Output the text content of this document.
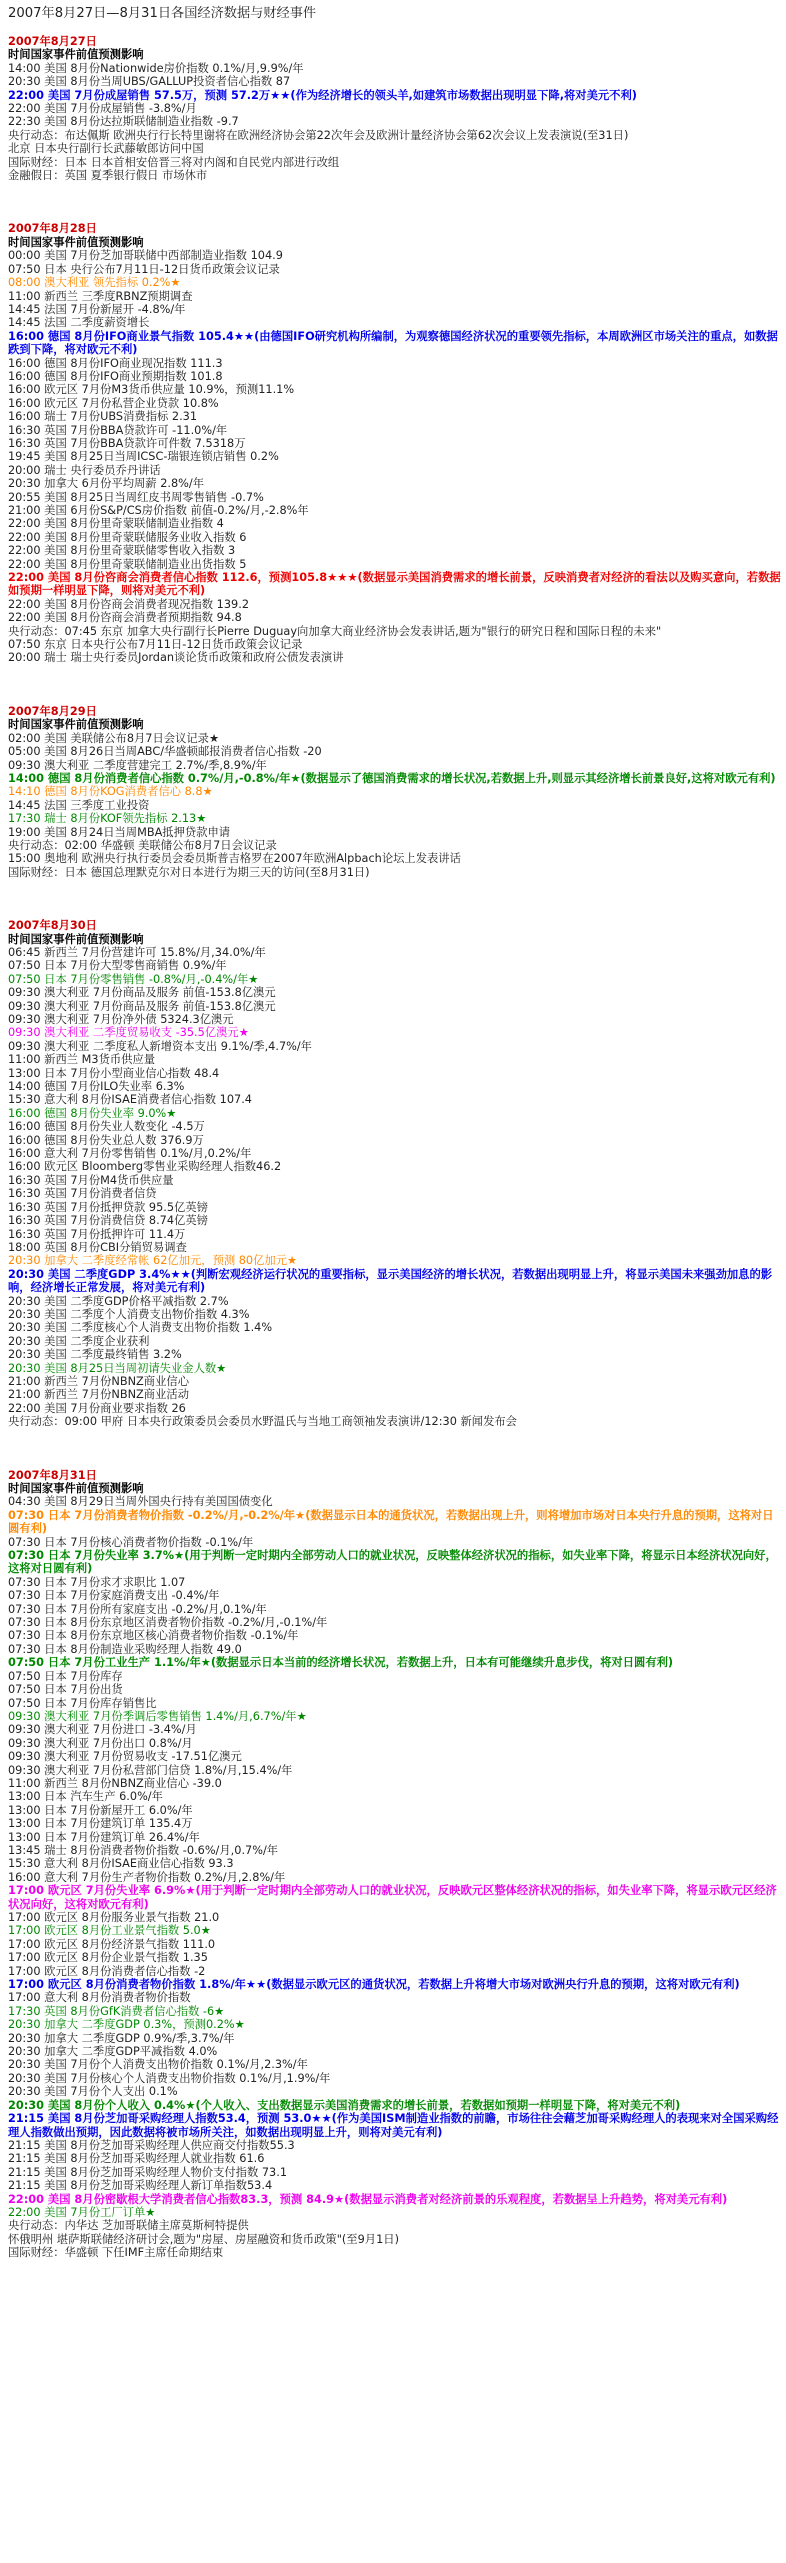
2007年8月27日—8月31日各国经济数据与财经事件
2007年8月27日
时间国家事件前值预测影响
14:00 美国 8月份Nationwide房价指数 0.1%/月,9.9%/年
20:30 美国 8月份当周UBS/GALLUP投资者信心指数 87
22:00 美国 7月份成屋销售 57.5万，预测 57.2万★★(作为经济增长的领头羊,如建筑市场数据出现明显下降,将对美元不利)
22:00 美国 7月份成屋销售 -3.8%/月
22:30 美国 8月份达拉斯联储制造业指数 -9.7
央行动态：布达佩斯 欧洲央行行长特里谢将在欧洲经济协会第22次年会及欧洲计量经济协会第62次会议上发表演说(至31日)
北京 日本央行副行长武藤敏郎访问中国
国际财经：日本 日本首相安倍晋三将对内阁和自民党内部进行改组
金融假日：英国 夏季银行假日 市场休市
2007年8月28日
时间国家事件前值预测影响
00:00 美国 7月份芝加哥联储中西部制造业指数 104.9
07:50 日本 央行公布7月11日-12日货币政策会议记录
08:00 澳大利亚 领先指标 0.2%★
11:00 新西兰 三季度RBNZ预期调查
14:45 法国 7月份新屋开 -4.8%/年
14:45 法国 二季度薪资增长
16:00 德国 8月份IFO商业景气指数 105.4★★(由德国IFO研究机构所编制，为观察德国经济状况的重要领先指标，本周欧洲区市场关注的重点，如数据跌到下降，将对欧元不利)
16:00 德国 8月份IFO商业现况指数 111.3
16:00 德国 8月份IFO商业预期指数 101.8
16:00 欧元区 7月份M3货币供应量 10.9%，预测11.1%
16:00 欧元区 7月份私营企业贷款 10.8%
16:00 瑞士 7月份UBS消费指标 2.31
16:30 英国 7月份BBA贷款许可 -11.0%/年
16:30 英国 7月份BBA贷款许可件数 7.5318万
19:45 美国 8月25日当周ICSC-瑞银连锁店销售 0.2%
20:00 瑞士 央行委员乔丹讲话
20:30 加拿大 6月份平均周薪 2.8%/年
20:55 美国 8月25日当周红皮书周零售销售 -0.7%
21:00 美国 6月份S&P/CS房价指数 前值-0.2%/月,-2.8%年
22:00 美国 8月份里奇蒙联储制造业指数 4
22:00 美国 8月份里奇蒙联储服务业收入指数 6
22:00 美国 8月份里奇蒙联储零售收入指数 3
22:00 美国 8月份里奇蒙联储制造业出货指数 5
22:00 美国 8月份咨商会消费者信心指数 112.6，预测105.8★★★(数据显示美国消费需求的增长前景，反映消费者对经济的看法以及购买意向，若数据如预期一样明显下降，则将对美元不利)
22:00 美国 8月份咨商会消费者现况指数 139.2
22:00 美国 8月份咨商会消费者预期指数 94.8
央行动态：07:45 东京 加拿大央行副行长Pierre Duguay向加拿大商业经济协会发表讲话,题为"银行的研究日程和国际日程的未来"
07:50 东京 日本央行公布7月11日-12日货币政策会议记录
20:00 瑞士 瑞士央行委员Jordan谈论货币政策和政府公债发表演讲
2007年8月29日
时间国家事件前值预测影响
02:00 美国 美联储公布8月7日会议记录★
05:00 美国 8月26日当周ABC/华盛顿邮报消费者信心指数 -20
09:30 澳大利亚 二季度营建完工 2.7%/季,8.9%/年
14:00 德国 8月份消费者信心指数 0.7%/月,-0.8%/年★(数据显示了德国消费需求的增长状况,若数据上升,则显示其经济增长前景良好,这将对欧元有利)
14:10 德国 8月份KOG消费者信心 8.8★
14:45 法国 三季度工业投资
17:30 瑞士 8月份KOF领先指标 2.13★
19:00 美国 8月24日当周MBA抵押贷款申请
央行动态：02:00 华盛顿 美联储公布8月7日会议记录
15:00 奥地利 欧洲央行执行委员会委员斯普吉格罗在2007年欧洲Alpbach论坛上发表讲话
国际财经：日本 德国总理默克尔对日本进行为期三天的访问(至8月31日)
2007年8月30日
时间国家事件前值预测影响
06:45 新西兰 7月份营建许可 15.8%/月,34.0%/年
07:50 日本 7月份大型零售商销售 0.9%/年
07:50 日本 7月份零售销售 -0.8%/月,-0.4%/年★
09:30 澳大利亚 7月份商品及服务 前值-153.8亿澳元
09:30 澳大利亚 7月份商品及服务 前值-153.8亿澳元
09:30 澳大利亚 7月份净外债 5324.3亿澳元
09:30 澳大利亚 二季度贸易收支 -35.5亿澳元★
09:30 澳大利亚 二季度私人新增资本支出 9.1%/季,4.7%/年
11:00 新西兰 M3货币供应量
13:00 日本 7月份小型商业信心指数 48.4
14:00 德国 7月份ILO失业率 6.3%
15:30 意大利 8月份ISAE消费者信心指数 107.4
16:00 德国 8月份失业率 9.0%★
16:00 德国 8月份失业人数变化 -4.5万
16:00 德国 8月份失业总人数 376.9万
16:00 意大利 7月份零售销售 0.1%/月,0.2%/年
16:00 欧元区 Bloomberg零售业采购经理人指数46.2
16:30 英国 7月份M4货币供应量
16:30 英国 7月份消费者信贷
16:30 英国 7月份抵押贷款 95.5亿英镑
16:30 英国 7月份消费信贷 8.74亿英镑
16:30 英国 7月份抵押许可 11.4万
18:00 英国 8月份CBI分销贸易调查
20:30 加拿大 二季度经常帐 62亿加元，预测 80亿加元★
20:30 美国 二季度GDP 3.4%★★(判断宏观经济运行状况的重要指标，显示美国经济的增长状况，若数据出现明显上升，将显示美国未来强劲加息的影响，经济增长正常发展，将对美元有利)
20:30 美国 二季度GDP价格平减指数 2.7%
20:30 美国 二季度个人消费支出物价指数 4.3%
20:30 美国 二季度核心个人消费支出物价指数 1.4%
20:30 美国 二季度企业获利
20:30 美国 二季度最终销售 3.2%
20:30 美国 8月25日当周初请失业金人数★
21:00 新西兰 7月份NBNZ商业信心
21:00 新西兰 7月份NBNZ商业活动
22:00 美国 7月份商业要求指数 26
央行动态：09:00 甲府 日本央行政策委员会委员水野温氏与当地工商领袖发表演讲/12:30 新闻发布会
2007年8月31日
时间国家事件前值预测影响
04:30 美国 8月29日当周外国央行持有美国国债变化
07:30 日本 7月份消费者物价指数 -0.2%/月,-0.2%/年★(数据显示日本的通货状况，若数据出现上升，则将增加市场对日本央行升息的预期，这将对日圆有利)
07:30 日本 7月份核心消费者物价指数 -0.1%/年
07:30 日本 7月份失业率 3.7%★(用于判断一定时期内全部劳动人口的就业状况，反映整体经济状况的指标，如失业率下降，将显示日本经济状况向好，这将对日圆有利)
07:30 日本 7月份求才求职比 1.07
07:30 日本 7月份家庭消费支出 -0.4%/年
07:30 日本 7月份所有家庭支出 -0.2%/月,0.1%/年
07:30 日本 8月份东京地区消费者物价指数 -0.2%/月,-0.1%/年
07:30 日本 8月份东京地区核心消费者物价指数 -0.1%/年
07:30 日本 8月份制造业采购经理人指数 49.0
07:50 日本 7月份工业生产 1.1%/年★(数据显示日本当前的经济增长状况，若数据上升，日本有可能继续升息步伐，将对日圆有利)
07:50 日本 7月份库存
07:50 日本 7月份出货
07:50 日本 7月份库存销售比
09:30 澳大利亚 7月份季调后零售销售 1.4%/月,6.7%/年★
09:30 澳大利亚 7月份进口 -3.4%/月
09:30 澳大利亚 7月份出口 0.8%/月
09:30 澳大利亚 7月份贸易收支 -17.51亿澳元
09:30 澳大利亚 7月份私营部门信贷 1.8%/月,15.4%/年
11:00 新西兰 8月份NBNZ商业信心 -39.0
13:00 日本 汽车生产 6.0%/年
13:00 日本 7月份新屋开工 6.0%/年
13:00 日本 7月份建筑订单 135.4万
13:00 日本 7月份建筑订单 26.4%/年
13:45 瑞士 8月份消费者物价指数 -0.6%/月,0.7%/年
15:30 意大利 8月份ISAE商业信心指数 93.3
16:00 意大利 7月份生产者物价指数 0.2%/月,2.8%/年
17:00 欧元区 7月份失业率 6.9%★(用于判断一定时期内全部劳动人口的就业状况，反映欧元区整体经济状况的指标，如失业率下降，将显示欧元区经济状况向好，这将对欧元有利)
17:00 欧元区 8月份服务业景气指数 21.0
17:00 欧元区 8月份工业景气指数 5.0★
17:00 欧元区 8月份经济景气指数 111.0
17:00 欧元区 8月份企业景气指数 1.35
17:00 欧元区 8月份消费者信心指数 -2
17:00 欧元区 8月份消费者物价指数 1.8%/年★★(数据显示欧元区的通货状况，若数据上升将增大市场对欧洲央行升息的预期，这将对欧元有利)
17:00 意大利 8月份消费者物价指数
17:30 英国 8月份GfK消费者信心指数 -6★
20:30 加拿大 二季度GDP 0.3%，预测0.2%★
20:30 加拿大 二季度GDP 0.9%/季,3.7%/年
20:30 加拿大 二季度GDP平减指数 4.0%
20:30 美国 7月份个人消费支出物价指数 0.1%/月,2.3%/年
20:30 美国 7月份核心个人消费支出物价指数 0.1%/月,1.9%/年
20:30 美国 7月份个人支出 0.1%
20:30 美国 8月份个人收入 0.4%★(个人收入、支出数据显示美国消费需求的增长前景，若数据如预期一样明显下降，将对美元不利)
21:15 美国 8月份芝加哥采购经理人指数53.4，预测 53.0★★(作为美国ISM制造业指数的前瞻，市场往往会藉芝加哥采购经理人的表现来对全国采购经理人指数做出预期，因此数据将被市场所关注，如数据出现明显上升，则将对美元有利)
21:15 美国 8月份芝加哥采购经理人供应商交付指数55.3
21:15 美国 8月份芝加哥采购经理人就业指数 61.6
21:15 美国 8月份芝加哥采购经理人物价支付指数 73.1
21:15 美国 8月份芝加哥采购经理人新订单指数53.4
22:00 美国 8月份密歇根大学消费者信心指数83.3，预测 84.9★(数据显示消费者对经济前景的乐观程度，若数据呈上升趋势，将对美元有利)
22:00 美国 7月份工厂订单★
央行动态：内华达 芝加哥联储主席莫斯柯特提供
怀俄明州 堪萨斯联储经济研讨会,题为"房屋、房屋融资和货币政策"(至9月1日)
国际财经：华盛顿 下任IMF主席任命期结束
